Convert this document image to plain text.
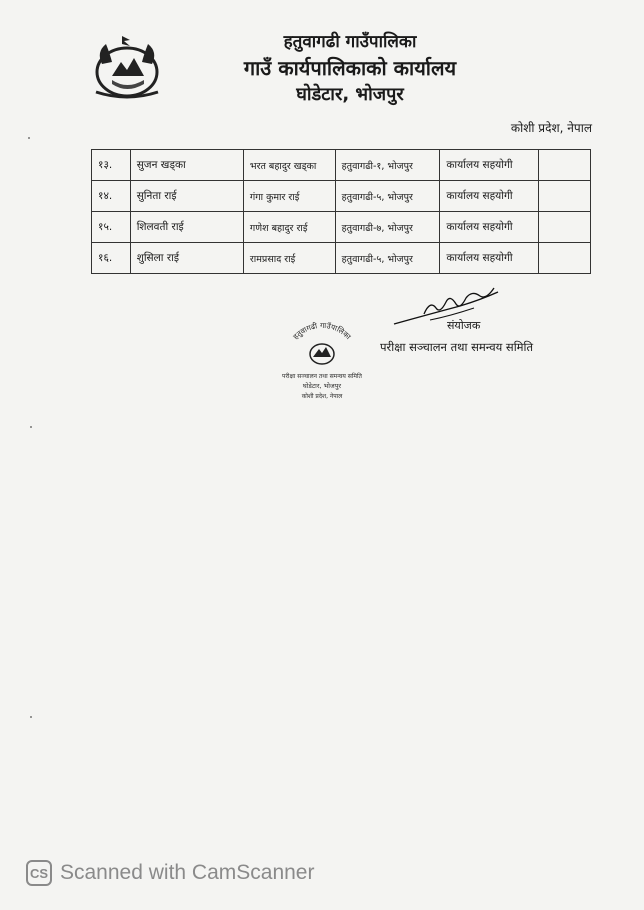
हतुवागढी गाउँपालिका
गाउँ कार्यपालिकाको कार्यालय
घोडेटार, भोजपुर
कोशी प्रदेश, नेपाल
१३.	सुजन खड्का	भरत बहादुर खड्का	हतुवागढी-१, भोजपुर	कार्यालय सहयोगी	
१४.	सुनिता राई	गंगा कुमार राई	हतुवागढी-५, भोजपुर	कार्यालय सहयोगी	
१५.	शिलवती राई	गणेश बहादुर राई	हतुवागढी-७, भोजपुर	कार्यालय सहयोगी	
१६.	शुसिला राई	रामप्रसाद राई	हतुवागढी-५, भोजपुर	कार्यालय सहयोगी	
हतुवागढी गाउँपालिका
परीक्षा सञ्चालन तथा समन्वय समिति
घोडेटार, भोजपुर
कोशी प्रदेश, नेपाल
संयोजक
परीक्षा सञ्चालन तथा समन्वय समिति
CS Scanned with CamScanner
